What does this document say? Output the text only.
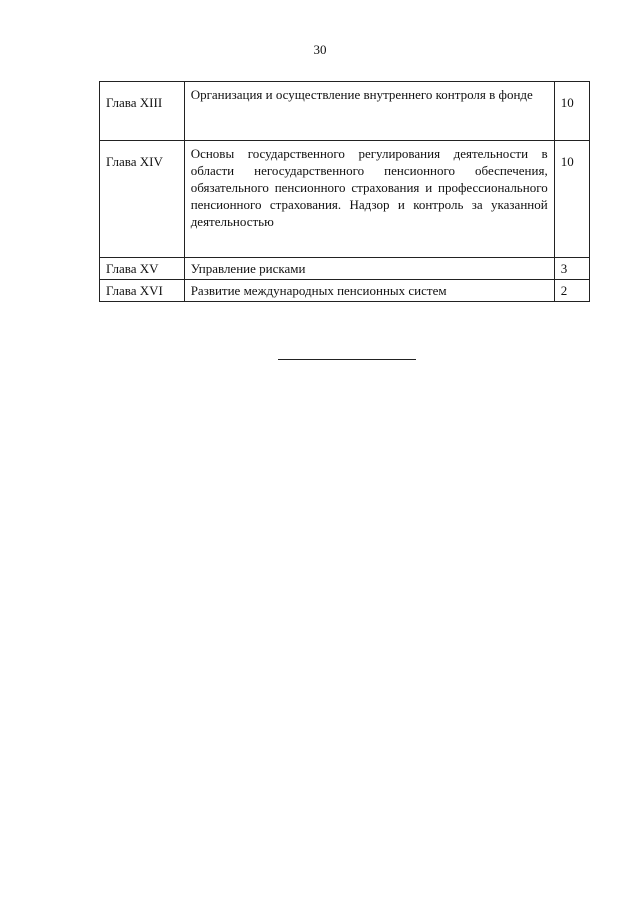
30
Глава XIII	Организация и осуществление внутреннего контроля в фонде	10
Глава XIV	Основы государственного регулирования деятельности в области негосударственного пенсионного обеспечения, обязательного пенсионного страхования и профессионального пенсионного страхования. Надзор и контроль за указанной деятельностью	10
Глава XV	Управление рисками	3
Глава XVI	Развитие международных пенсионных систем	2
